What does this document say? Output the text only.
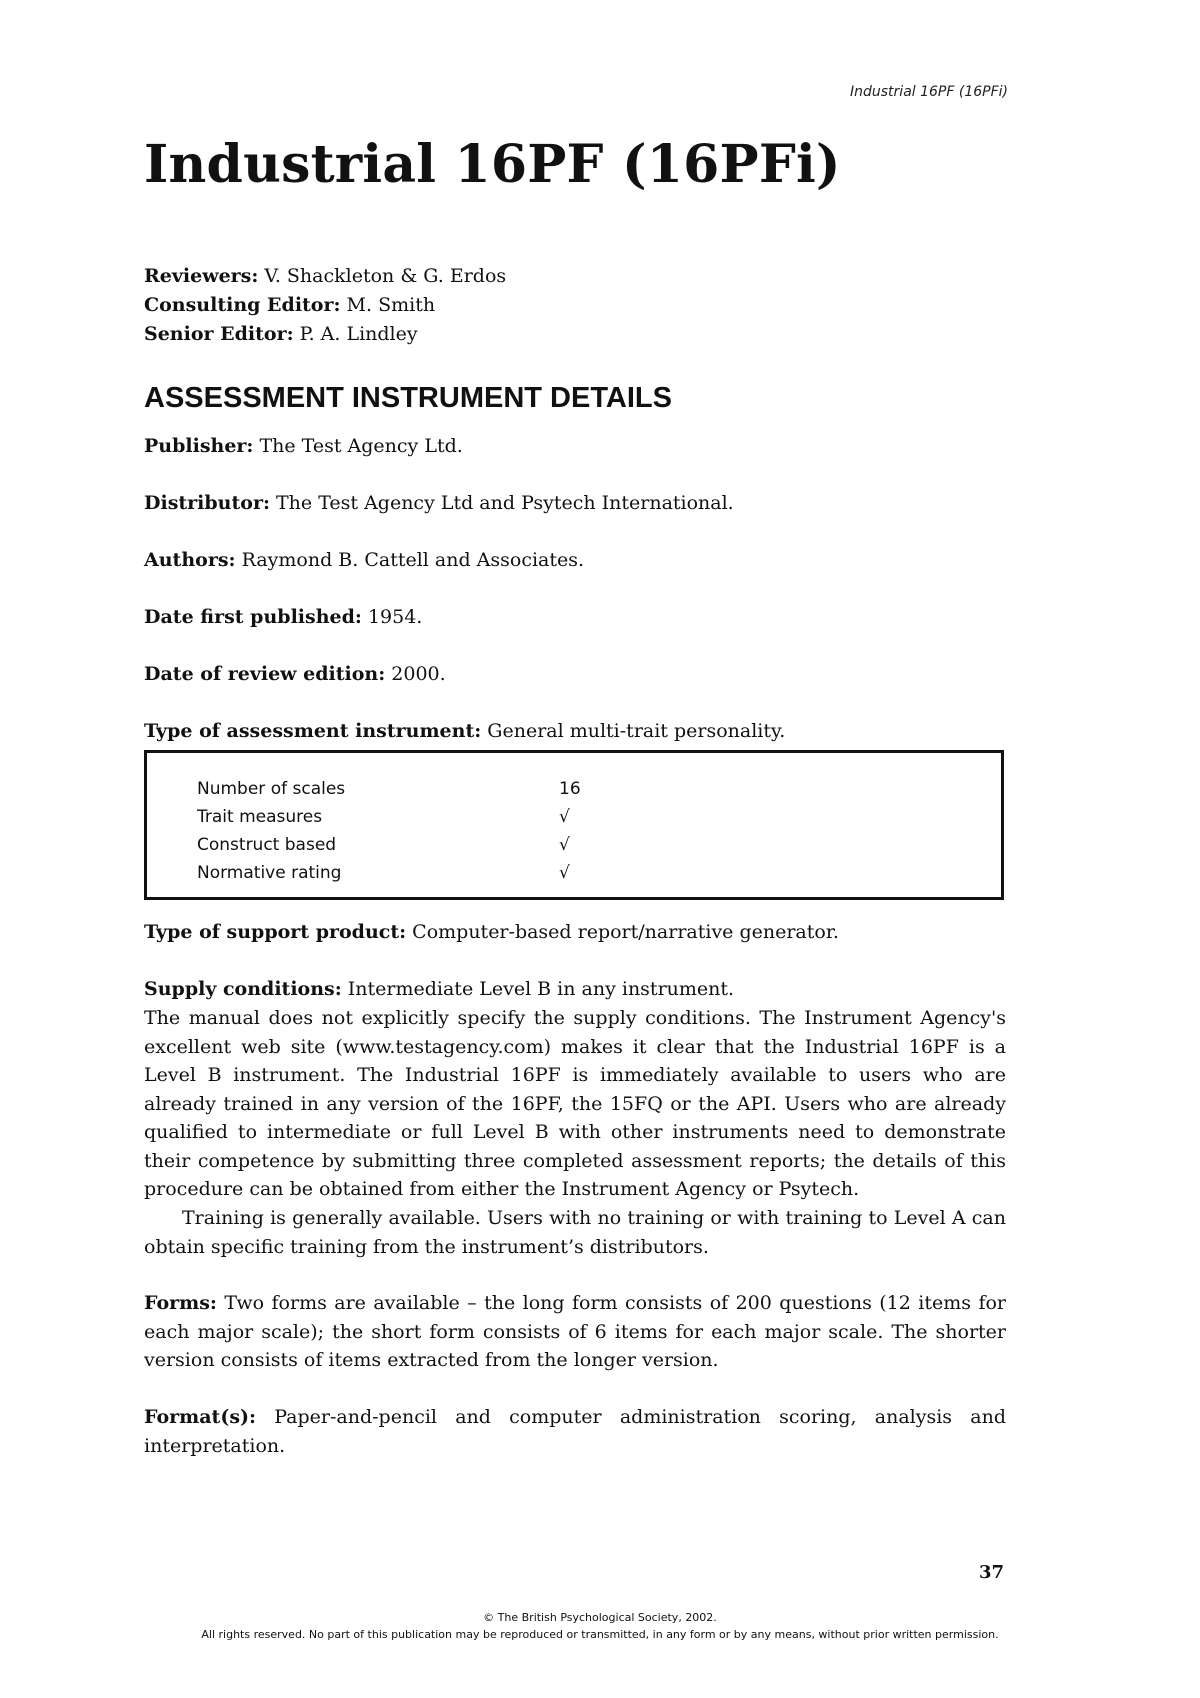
Industrial 16PF (16PFi)
Industrial 16PF (16PFi)
Reviewers: V. Shackleton & G. Erdos
Consulting Editor: M. Smith
Senior Editor: P. A. Lindley
ASSESSMENT INSTRUMENT DETAILS
Publisher: The Test Agency Ltd.
Distributor: The Test Agency Ltd and Psytech International.
Authors: Raymond B. Cattell and Associates.
Date first published: 1954.
Date of review edition: 2000.
Type of assessment instrument: General multi-trait personality.
Number of scales	16
Trait measures	√
Construct based	√
Normative rating	√
Type of support product: Computer-based report/narrative generator.
Supply conditions: Intermediate Level B in any instrument.

The manual does not explicitly specify the supply conditions. The Instrument Agency's excellent web site (www.testagency.com) makes it clear that the Industrial 16PF is a Level B instrument. The Industrial 16PF is immediately available to users who are already trained in any version of the 16PF, the 15FQ or the API. Users who are already qualified to intermediate or full Level B with other instruments need to demonstrate their competence by submitting three completed assessment reports; the details of this procedure can be obtained from either the Instrument Agency or Psytech.

Training is generally available. Users with no training or with training to Level A can obtain specific training from the instrument’s distributors.

Forms: Two forms are available – the long form consists of 200 questions (12 items for each major scale); the short form consists of 6 items for each major scale. The shorter version consists of items extracted from the longer version.

Format(s): Paper-and-pencil and computer administration scoring, analysis and interpretation.

37
© The British Psychological Society, 2002.
All rights reserved. No part of this publication may be reproduced or transmitted, in any form or by any means, without prior written permission.
